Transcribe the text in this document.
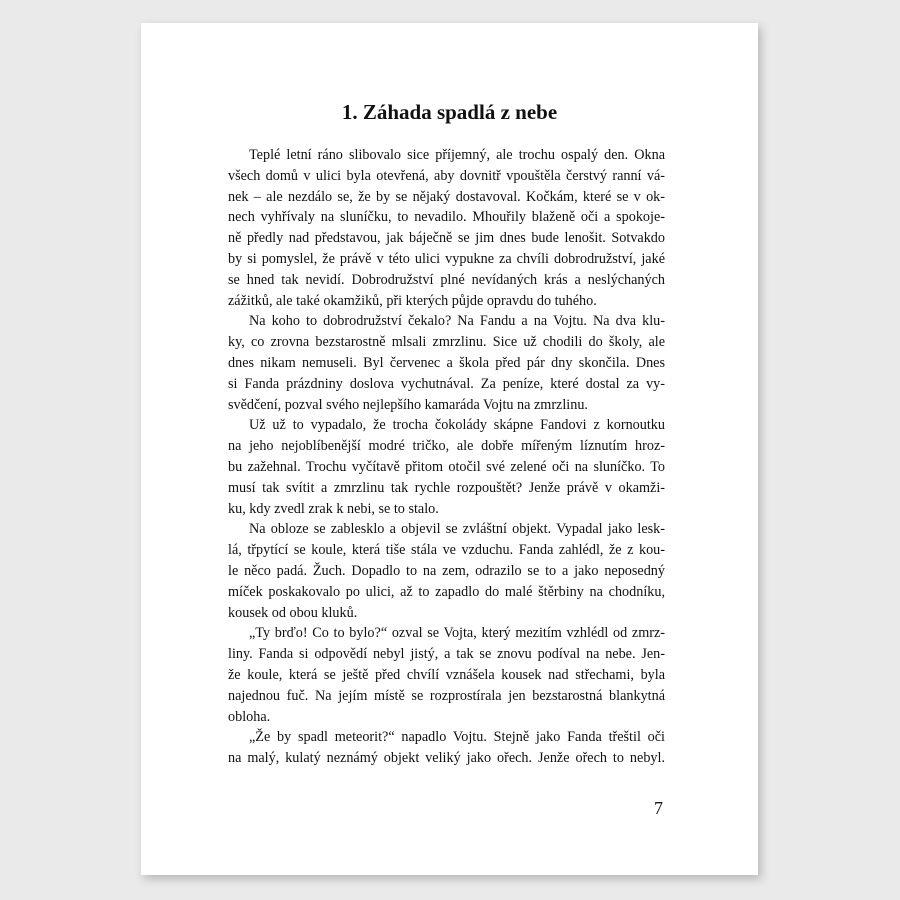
1. Záhada spadlá z nebe
Teplé letní ráno slibovalo sice příjemný, ale trochu ospalý den. Okna
všech domů v ulici byla otevřená, aby dovnitř vpouštěla čerstvý ranní vá-
nek – ale nezdálo se, že by se nějaký dostavoval. Kočkám, které se v ok-
nech vyhřívaly na sluníčku, to nevadilo. Mhouřily blaženě oči a spokoje-
ně předly nad představou, jak báječně se jim dnes bude lenošit. Sotvakdo
by si pomyslel, že právě v této ulici vypukne za chvíli dobrodružství, jaké
se hned tak nevidí. Dobrodružství plné nevídaných krás a neslýchaných
zážitků, ale také okamžiků, při kterých půjde opravdu do tuhého.
Na koho to dobrodružství čekalo? Na Fandu a na Vojtu. Na dva klu-
ky, co zrovna bezstarostně mlsali zmrzlinu. Sice už chodili do školy, ale
dnes nikam nemuseli. Byl červenec a škola před pár dny skončila. Dnes
si Fanda prázdniny doslova vychutnával. Za peníze, které dostal za vy-
svědčení, pozval svého nejlepšího kamaráda Vojtu na zmrzlinu.
Už už to vypadalo, že trocha čokolády skápne Fandovi z kornoutku
na jeho nejoblíbenější modré tričko, ale dobře mířeným líznutím hroz-
bu zažehnal. Trochu vyčítavě přitom otočil své zelené oči na sluníčko. To
musí tak svítit a zmrzlinu tak rychle rozpouštět? Jenže právě v okamži-
ku, kdy zvedl zrak k nebi, se to stalo.
Na obloze se zablesklo a objevil se zvláštní objekt. Vypadal jako lesk-
lá, třpytící se koule, která tiše stála ve vzduchu. Fanda zahlédl, že z kou-
le něco padá. Žuch. Dopadlo to na zem, odrazilo se to a jako neposedný
míček poskakovalo po ulici, až to zapadlo do malé štěrbiny na chodníku,
kousek od obou kluků.
„Ty brďo! Co to bylo?“ ozval se Vojta, který mezitím vzhlédl od zmrz-
liny. Fanda si odpovědí nebyl jistý, a tak se znovu podíval na nebe. Jen-
že koule, která se ještě před chvílí vznášela kousek nad střechami, byla
najednou fuč. Na jejím místě se rozprostírala jen bezstarostná blankytná
obloha.
„Že by spadl meteorit?“ napadlo Vojtu. Stejně jako Fanda třeštil oči
na malý, kulatý neznámý objekt veliký jako ořech. Jenže ořech to nebyl.
7
